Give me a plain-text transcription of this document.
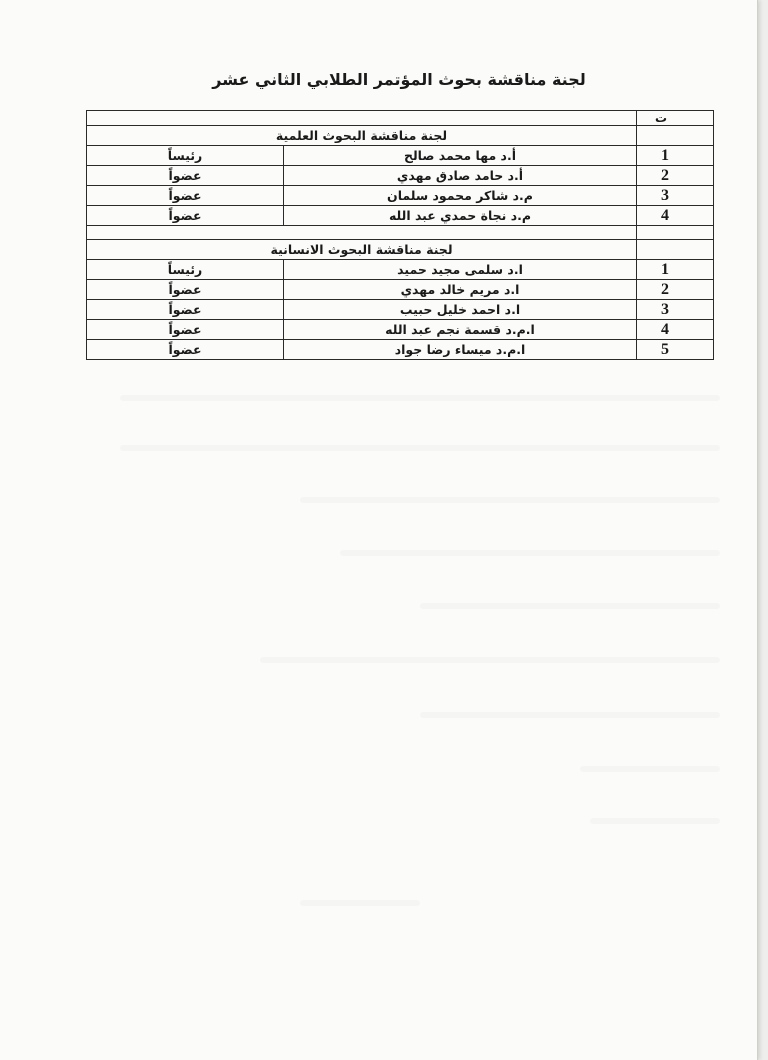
لجنة مناقشة بحوث المؤتمر الطلابي الثاني عشر
ت		
	لجنة مناقشة البحوث العلمية	
1	أ.د مها محمد صالح	رئيساً
2	أ.د حامد صادق مهدي	عضواً
3	م.د شاكر محمود سلمان	عضواً
4	م.د نجاة حمدي عبد الله	عضواً

	لجنة مناقشة البحوث الانسانية	
1	ا.د سلمى مجيد حميد	رئيساً
2	ا.د مريم خالد مهدي	عضواً
3	ا.د احمد خليل حبيب	عضواً
4	ا.م.د قسمة نجم عبد الله	عضواً
5	ا.م.د ميساء رضا جواد	عضواً
